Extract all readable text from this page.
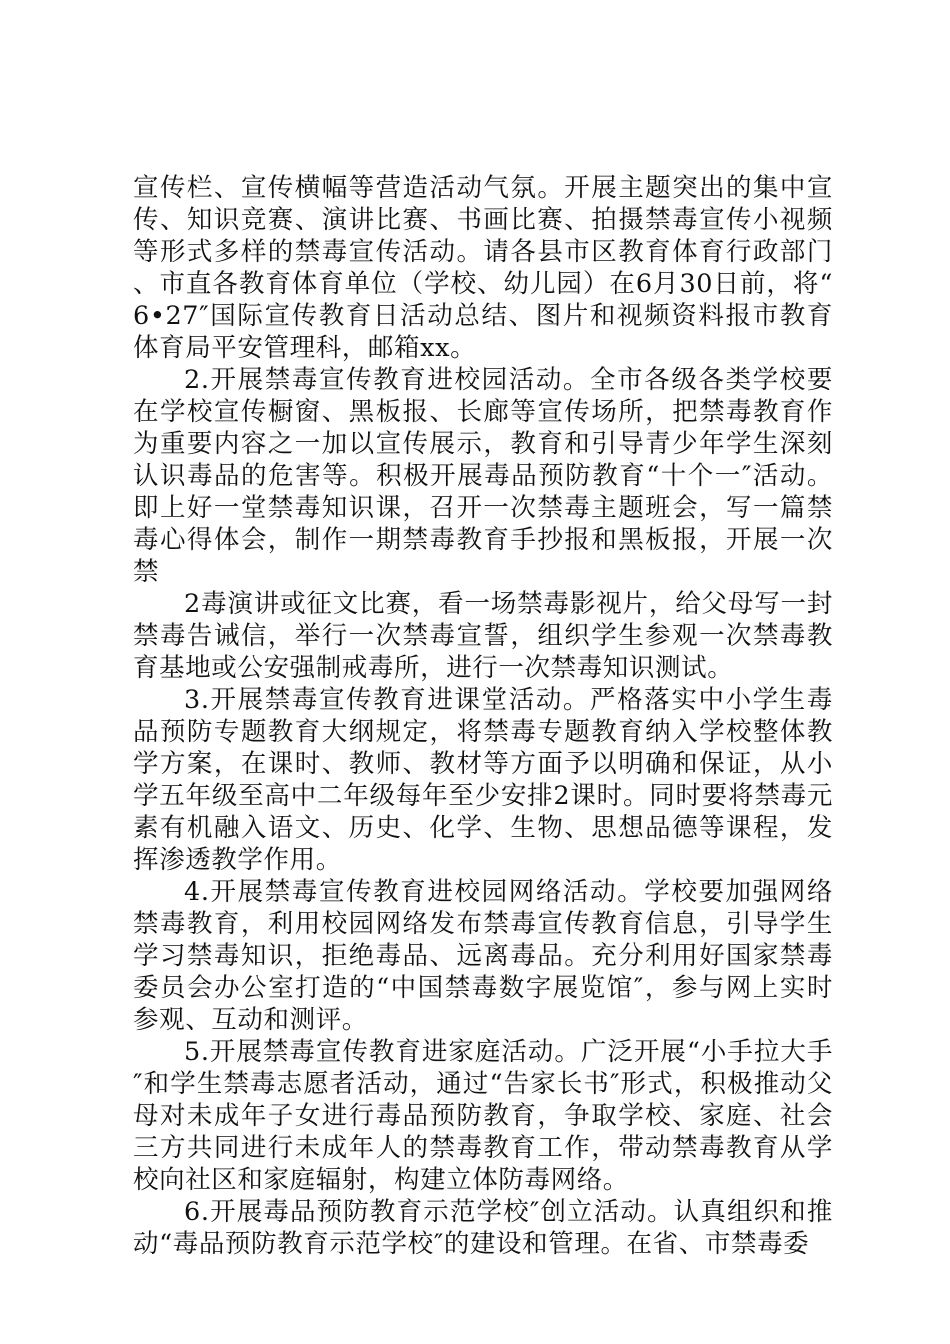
宣传栏、宣传横幅等营造活动气氛。开展主题突出的集中宣传、知识竞赛、演讲比赛、书画比赛、拍摄禁毒宣传小视频等形式多样的禁毒宣传活动。请各县市区教育体育行政部门、市直各教育体育单位（学校、幼儿园）在6月30日前，将“6•27″国际宣传教育日活动总结、图片和视频资料报市教育体育局平安管理科，邮箱xx。

2.开展禁毒宣传教育进校园活动。全市各级各类学校要在学校宣传橱窗、黑板报、长廊等宣传场所，把禁毒教育作为重要内容之一加以宣传展示，教育和引导青少年学生深刻认识毒品的危害等。积极开展毒品预防教育“十个一″活动。即上好一堂禁毒知识课，召开一次禁毒主题班会，写一篇禁毒心得体会，制作一期禁毒教育手抄报和黑板报，开展一次禁

2毒演讲或征文比赛，看一场禁毒影视片，给父母写一封禁毒告诫信，举行一次禁毒宣誓，组织学生参观一次禁毒教育基地或公安强制戒毒所，进行一次禁毒知识测试。

3.开展禁毒宣传教育进课堂活动。严格落实中小学生毒品预防专题教育大纲规定，将禁毒专题教育纳入学校整体教学方案，在课时、教师、教材等方面予以明确和保证，从小学五年级至高中二年级每年至少安排2课时。同时要将禁毒元素有机融入语文、历史、化学、生物、思想品德等课程，发挥渗透教学作用。

4.开展禁毒宣传教育进校园网络活动。学校要加强网络禁毒教育，利用校园网络发布禁毒宣传教育信息，引导学生学习禁毒知识，拒绝毒品、远离毒品。充分利用好国家禁毒委员会办公室打造的“中国禁毒数字展览馆″，参与网上实时参观、互动和测评。

5.开展禁毒宣传教育进家庭活动。广泛开展“小手拉大手″和学生禁毒志愿者活动，通过“告家长书″形式，积极推动父母对未成年子女进行毒品预防教育，争取学校、家庭、社会三方共同进行未成年人的禁毒教育工作，带动禁毒教育从学校向社区和家庭辐射，构建立体防毒网络。

6.开展毒品预防教育示范学校″创立活动。认真组织和推动“毒品预防教育示范学校″的建设和管理。在省、市禁毒委
